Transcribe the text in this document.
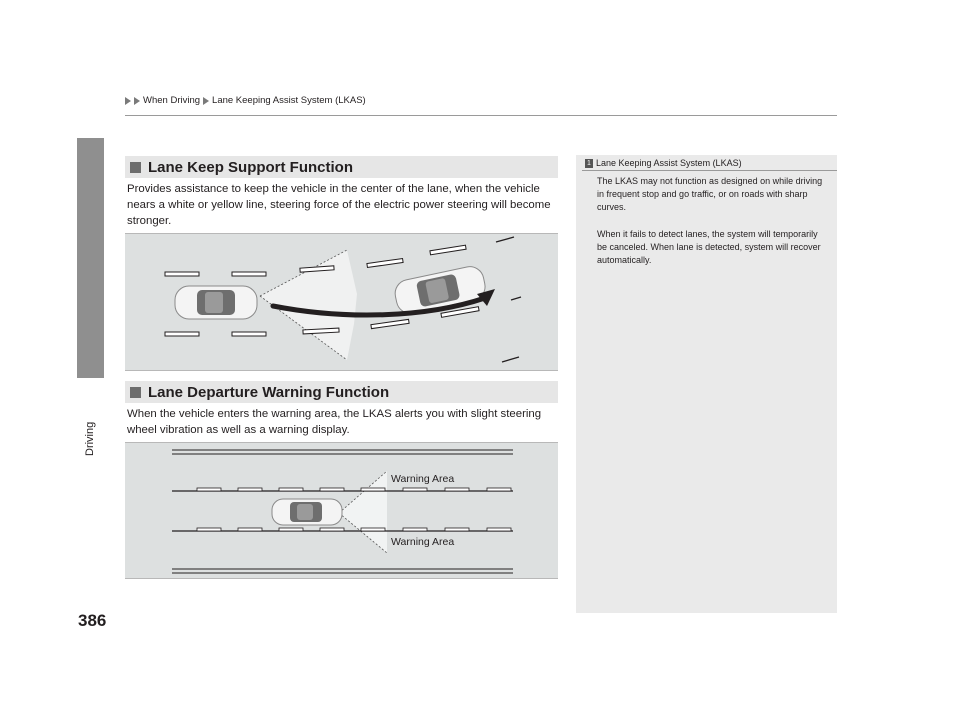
When Driving Lane Keeping Assist System (LKAS)
Driving
386
Lane Keep Support Function
Provides assistance to keep the vehicle in the center of the lane, when the vehicle nears a white or yellow line, steering force of the electric power steering will become stronger.
Lane Departure Warning Function
When the vehicle enters the warning area, the LKAS alerts you with slight steering wheel vibration as well as a warning display.
Warning Area
Warning Area
1 Lane Keeping Assist System (LKAS)
The LKAS may not function as designed on while driving in frequent stop and go traffic, or on roads with sharp curves.
When it fails to detect lanes, the system will temporarily be canceled. When lane is detected, system will recover automatically.
